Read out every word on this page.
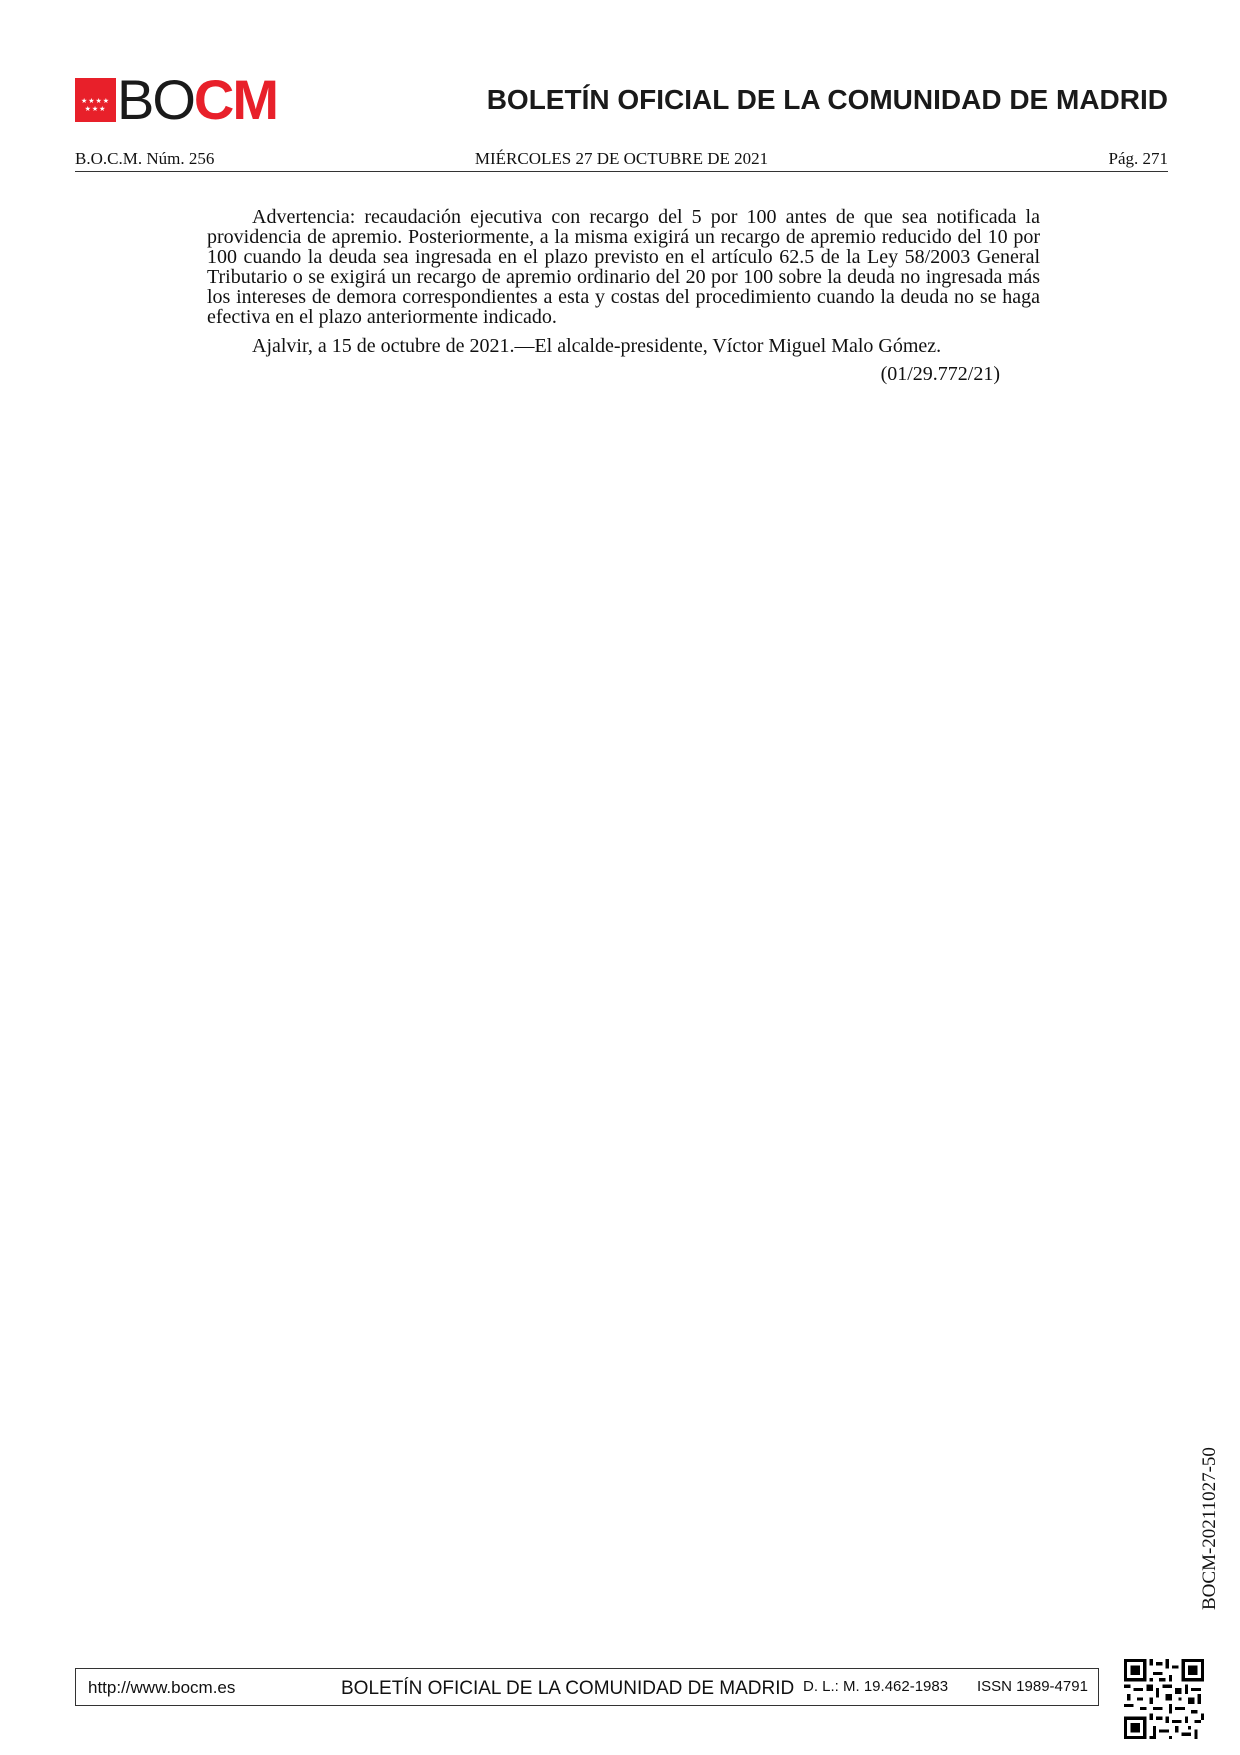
★★★★
★★★ BOCM	BOLETÍN OFICIAL DE LA COMUNIDAD DE MADRID
B.O.C.M. Núm. 256	MIÉRCOLES 27 DE OCTUBRE DE 2021	Pág. 271

Advertencia: recaudación ejecutiva con recargo del 5 por 100 antes de que sea notificada la providencia de apremio. Posteriormente, a la misma exigirá un recargo de apremio reducido del 10 por 100 cuando la deuda sea ingresada en el plazo previsto en el artículo 62.5 de la Ley 58/2003 General Tributario o se exigirá un recargo de apremio ordinario del 20 por 100 sobre la deuda no ingresada más los intereses de demora correspondientes a esta y costas del procedimiento cuando la deuda no se haga efectiva en el plazo anteriormente indicado.

Ajalvir, a 15 de octubre de 2021.—El alcalde-presidente, Víctor Miguel Malo Gómez.

(01/29.772/21)
BOCM-20211027-50
http://www.bocm.es	BOLETÍN OFICIAL DE LA COMUNIDAD DE MADRID D. L.: M. 19.462-1983 ISSN 1989-4791
